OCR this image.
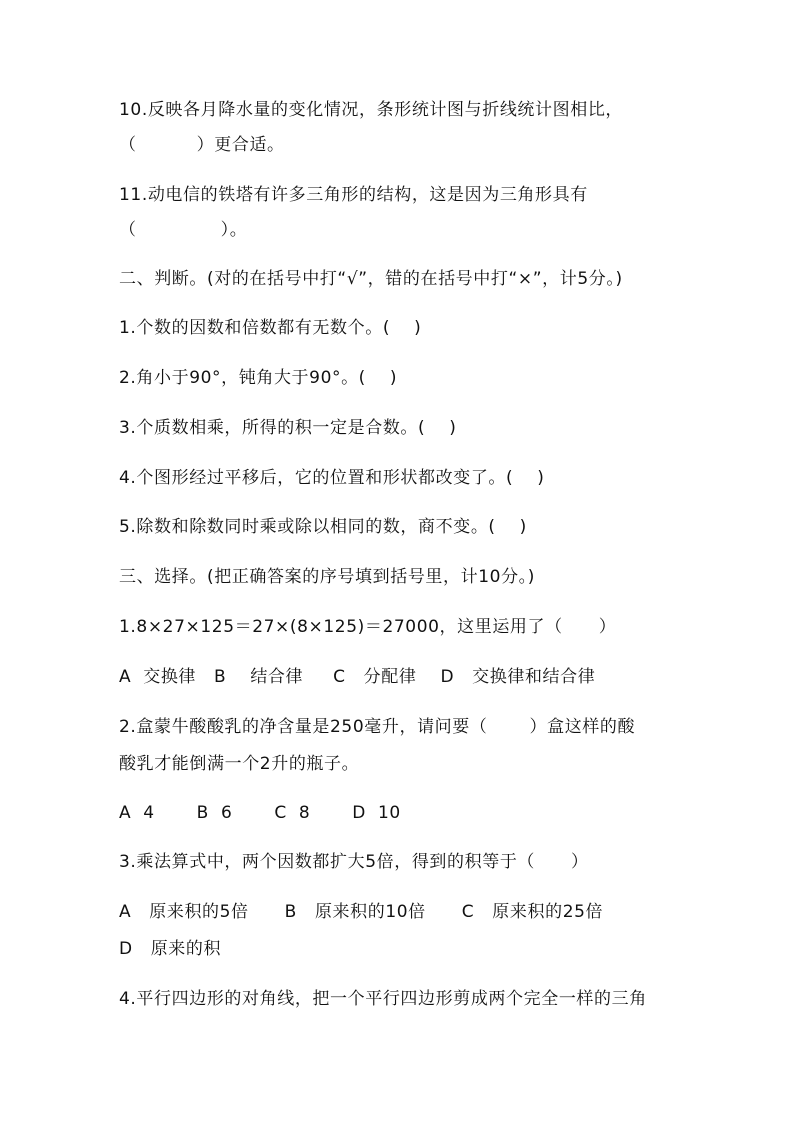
10.反映各月降水量的变化情况，条形统计图与折线统计图相比，
（          ）更合适。
11.动电信的铁塔有许多三角形的结构，这是因为三角形具有
（              ）。
二、判断。(对的在括号中打“√”，错的在括号中打“×”，计5分。)
1.个数的因数和倍数都有无数个。(    )
2.角小于90°，钝角大于90°。(    )
3.个质数相乘，所得的积一定是合数。(    )
4.个图形经过平移后，它的位置和形状都改变了。(    )
5.除数和除数同时乘或除以相同的数，商不变。(    )
三、选择。(把正确答案的序号填到括号里，计10分。)
1.8×27×125＝27×(8×125)＝27000，这里运用了（      ）
A  交换律   B    结合律     C   分配律    D   交换律和结合律
2.盒蒙牛酸酸乳的净含量是250毫升，请问要（       ）盒这样的酸
酸乳才能倒满一个2升的瓶子。
A  4       B  6       C  8       D  10
3.乘法算式中，两个因数都扩大5倍，得到的积等于（      ）
A   原来积的5倍      B   原来积的10倍      C   原来积的25倍
D   原来的积
4.平行四边形的对角线，把一个平行四边形剪成两个完全一样的三角
